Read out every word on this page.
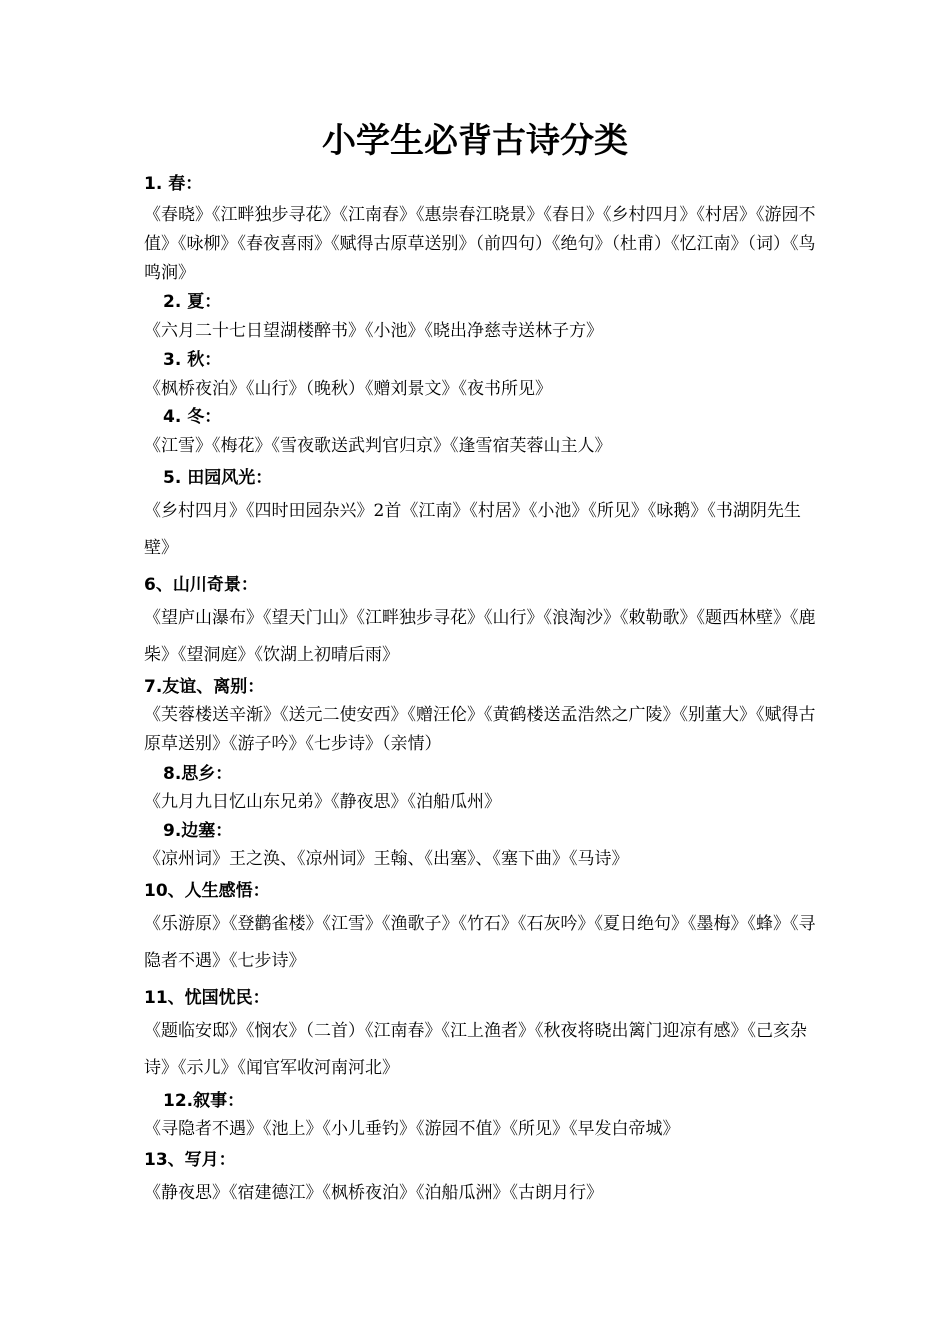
小学生必背古诗分类
1. 春：

《春晓》《江畔独步寻花》《江南春》《惠崇春江晓景》《春日》《乡村四月》《村居》《游园不值》《咏柳》《春夜喜雨》《赋得古原草送别》（前四句）《绝句》（杜甫）《忆江南》（词）《鸟鸣涧》

2. 夏：

《六月二十七日望湖楼醉书》《小池》《晓出净慈寺送林子方》

3. 秋：

《枫桥夜泊》《山行》（晚秋）《赠刘景文》《夜书所见》

4. 冬：

《江雪》《梅花》《雪夜歌送武判官归京》《逢雪宿芙蓉山主人》

5. 田园风光：

《乡村四月》《四时田园杂兴》2首《江南》《村居》《小池》《所见》《咏鹅》《书湖阴先生壁》

6、山川奇景：

《望庐山瀑布》《望天门山》《江畔独步寻花》《山行》《浪淘沙》《敕勒歌》《题西林壁》《鹿柴》《望洞庭》《饮湖上初晴后雨》

7.友谊、离别：

《芙蓉楼送辛渐》《送元二使安西》《赠汪伦》《黄鹤楼送孟浩然之广陵》《别董大》《赋得古原草送别》《游子吟》《七步诗》（亲情）

8.思乡：

《九月九日忆山东兄弟》《静夜思》《泊船瓜州》

9.边塞：

《凉州词》王之涣、《凉州词》王翰、《出塞》、《塞下曲》《马诗》

10、人生感悟：

《乐游原》《登鹳雀楼》《江雪》《渔歌子》《竹石》《石灰吟》《夏日绝句》《墨梅》《蜂》《寻隐者不遇》《七步诗》

11、忧国忧民：

《题临安邸》《悯农》（二首）《江南春》《江上渔者》《秋夜将晓出篱门迎凉有感》《己亥杂诗》《示儿》《闻官军收河南河北》

12.叙事：

《寻隐者不遇》《池上》《小儿垂钓》《游园不值》《所见》《早发白帝城》

13、写月：

《静夜思》《宿建德江》《枫桥夜泊》《泊船瓜洲》《古朗月行》
